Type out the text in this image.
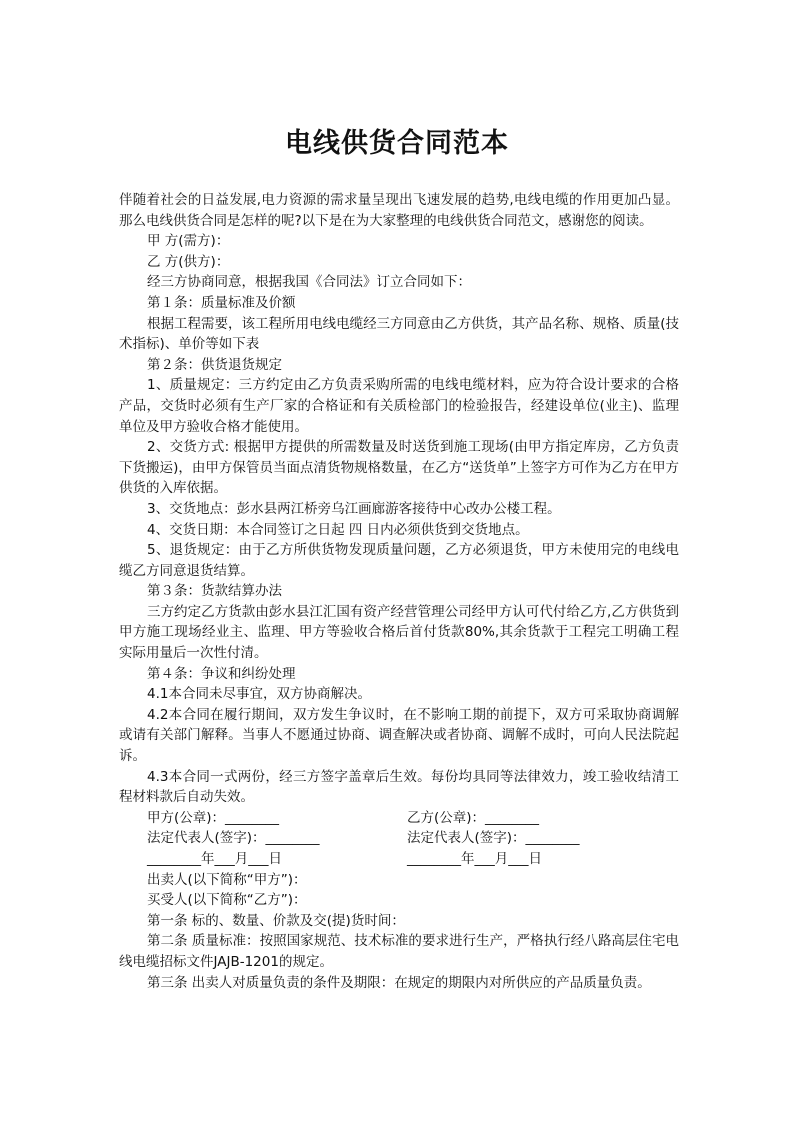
电线供货合同范本

伴随着社会的日益发展,电力资源的需求量呈现出飞速发展的趋势,电线电缆的作用更加凸显。那么电线供货合同是怎样的呢?以下是在为大家整理的电线供货合同范文，感谢您的阅读。

甲 方(需方)：

乙 方(供方)：

经三方协商同意，根据我国《合同法》订立合同如下：

第１条：质量标准及价额

根据工程需要，该工程所用电线电缆经三方同意由乙方供货，其产品名称、规格、质量(技术指标)、单价等如下表

第２条：供货退货规定

1、质量规定：三方约定由乙方负责采购所需的电线电缆材料，应为符合设计要求的合格产品，交货时必须有生产厂家的合格证和有关质检部门的检验报告，经建设单位(业主)、监理单位及甲方验收合格才能使用。

2、交货方式: 根据甲方提供的所需数量及时送货到施工现场(由甲方指定库房，乙方负责下货搬运)，由甲方保管员当面点清货物规格数量，在乙方“送货单”上签字方可作为乙方在甲方供货的入库依据。

3、交货地点：彭水县两江桥旁乌江画廊游客接待中心改办公楼工程。

4、交货日期：本合同签订之日起 四 日内必须供货到交货地点。

5、退货规定：由于乙方所供货物发现质量问题，乙方必须退货，甲方未使用完的电线电缆乙方同意退货结算。

第３条：货款结算办法

三方约定乙方货款由彭水县江汇国有资产经营管理公司经甲方认可代付给乙方,乙方供货到甲方施工现场经业主、监理、甲方等验收合格后首付货款80%,其余货款于工程完工明确工程实际用量后一次性付清。

第４条：争议和纠纷处理

4.1本合同未尽事宜，双方协商解决。

4.2本合同在履行期间，双方发生争议时，在不影响工期的前提下，双方可采取协商调解或请有关部门解释。当事人不愿通过协商、调查解决或者协商、调解不成时，可向人民法院起诉。

4.3本合同一式两份，经三方签字盖章后生效。每份均具同等法律效力，竣工验收结清工程材料款后自动失效。

甲方(公章)：________	乙方(公章)：________
法定代表人(签字)：________	法定代表人(签字)：________
________年___月___日	________年___月___日

出卖人(以下简称“甲方”)：

买受人(以下简称“乙方”)：

第一条 标的、数量、价款及交(提)货时间：

第二条 质量标准：按照国家规范、技术标准的要求进行生产，严格执行经八路高层住宅电线电缆招标文件JAJB-1201的规定。

第三条 出卖人对质量负责的条件及期限：在规定的期限内对所供应的产品质量负责。
